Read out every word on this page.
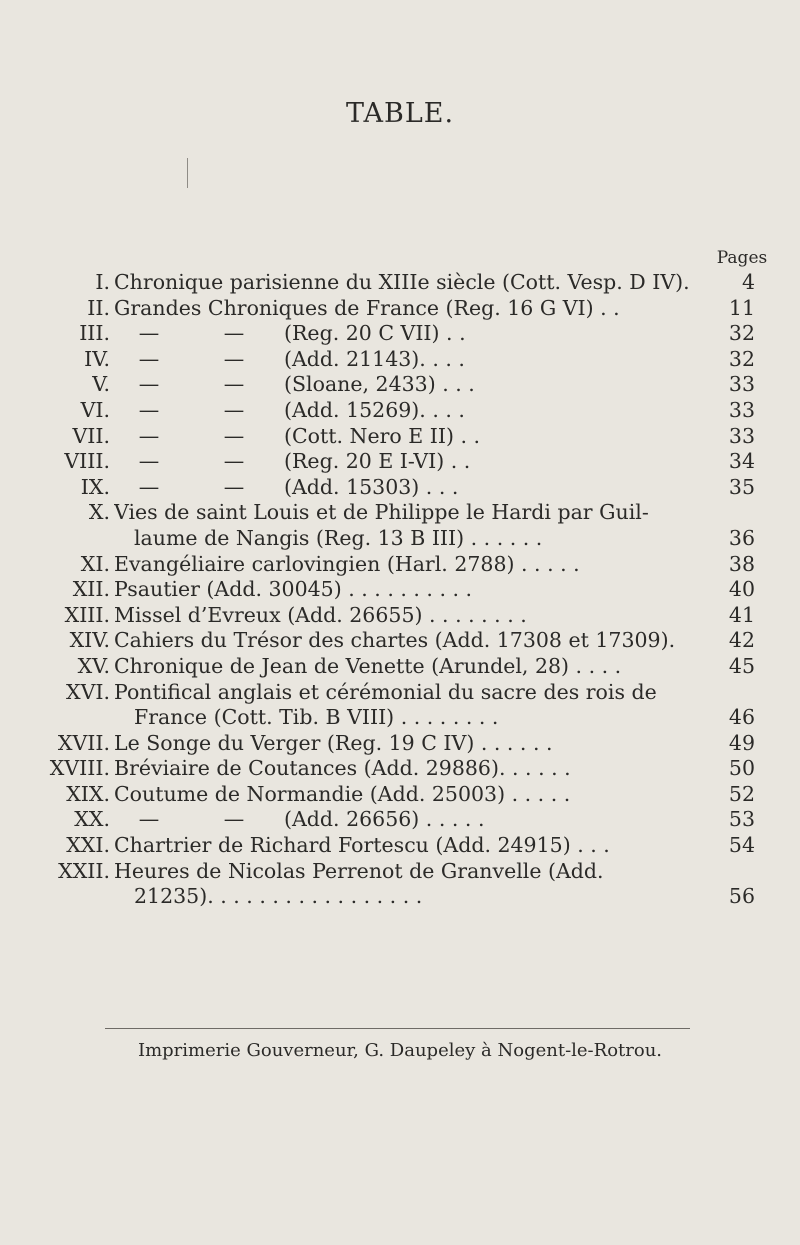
TABLE.
Pages
I. Chronique parisienne du XIIIe siècle (Cott. Vesp. D IV).	4
II. Grandes Chroniques de France (Reg. 16 G VI) . .	11
III.	—	— (Reg. 20 C VII) . .	32
IV.	—	— (Add. 21143). . . .	32
V.	—	— (Sloane, 2433) . . .	33
VI.	—	— (Add. 15269). . . .	33
VII.	—	— (Cott. Nero E II) . .	33
VIII.	—	— (Reg. 20 E I-VI) . .	34
IX.	—	— (Add. 15303) . . .	35
X. Vies de saint Louis et de Philippe le Hardi par Guil-
laume de Nangis (Reg. 13 B III) . . . . . .	36
XI. Evangéliaire carlovingien (Harl. 2788) . . . . .	38
XII. Psautier (Add. 30045) . . . . . . . . . .	40
XIII. Missel d’Evreux (Add. 26655) . . . . . . . .	41
XIV. Cahiers du Trésor des chartes (Add. 17308 et 17309).	42
XV. Chronique de Jean de Venette (Arundel, 28) . . . .	45
XVI. Pontifical anglais et cérémonial du sacre des rois de
France (Cott. Tib. B VIII) . . . . . . . .	46
XVII. Le Songe du Verger (Reg. 19 C IV) . . . . . .	49
XVIII. Bréviaire de Coutances (Add. 29886). . . . . .	50
XIX. Coutume de Normandie (Add. 25003) . . . . .	52
XX.	—	— (Add. 26656) . . . . .	53
XXI. Chartrier de Richard Fortescu (Add. 24915) . . .	54
XXII. Heures de Nicolas Perrenot de Granvelle (Add.
21235). . . . . . . . . . . . . . . . .	56
Imprimerie Gouverneur, G. Daupeley à Nogent-le-Rotrou.
